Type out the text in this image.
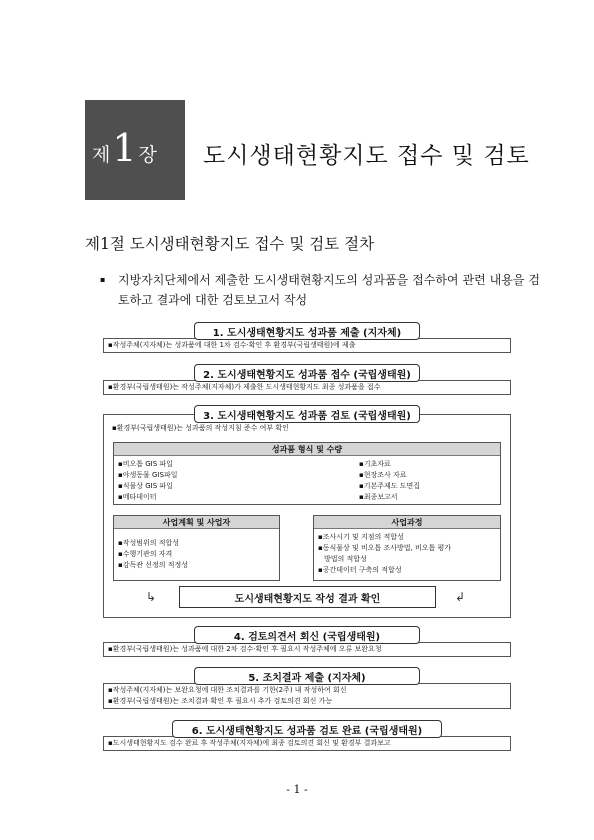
제1 장 도시생태현황지도 접수 및 검토
제1절 도시생태현황지도 접수 및 검토 절차
▪	지방자치단체에서 제출한 도시생태현황지도의 성과품을 접수하여 관련 내용을 검토하고 결과에 대한 검토보고서 작성
1. 도시생태현황지도 성과품 제출 (지자체)
▪작성주체(지자체)는 성과품에 대한 1차 검수·확인 후 환경부(국립생태원)에 제출
2. 도시생태현황지도 성과품 접수 (국립생태원)
▪환경부(국립생태원)는 작성주체(지자체)가 제출한 도시생태현황지도 최종 성과품을 접수
3. 도시생태현황지도 성과품 검토 (국립생태원)
▪환경부(국립생태원)는 성과품의 작성지침 준수 여부 확인
성과품 형식 및 수량
▪비오톱 GIS 파일
▪야생동물 GIS파일
▪식물상 GIS 파일
▪메타데이터
▪기초자료
▪현장조사 자료
▪기본주제도 도면집
▪최종보고서
사업계획 및 사업자
▪작성범위의 적합성
▪수행기관의 자격
▪감독관 선정의 적정성
사업과정
▪조사시기 및 지점의 적합성
▪동식물상 및 비오톱 조사방법, 비오톱 평가
방법의 적합성
▪공간데이터 구축의 적합성
↳	도시생태현황지도 작성 결과 확인	↲
4. 검토의견서 회신 (국립생태원)
▪환경부(국립생태원)는 성과품에 대한 2차 검수·확인 후 필요시 작성주체에 오류 보완요청
5. 조치결과 제출 (지자체)
▪작성주체(지자체)는 보완요청에 대한 조치결과를 기한(2주) 내 작성하여 회신
▪환경부(국립생태원)는 조치결과 확인 후 필요시 추가 검토의견 회신 가능
6. 도시생태현황지도 성과품 검토 완료 (국립생태원)
▪도시생태현황지도 검수 완료 후 작성주체(지자체)에 최종 검토의견 회신 및 환경부 결과보고
- 1 -
